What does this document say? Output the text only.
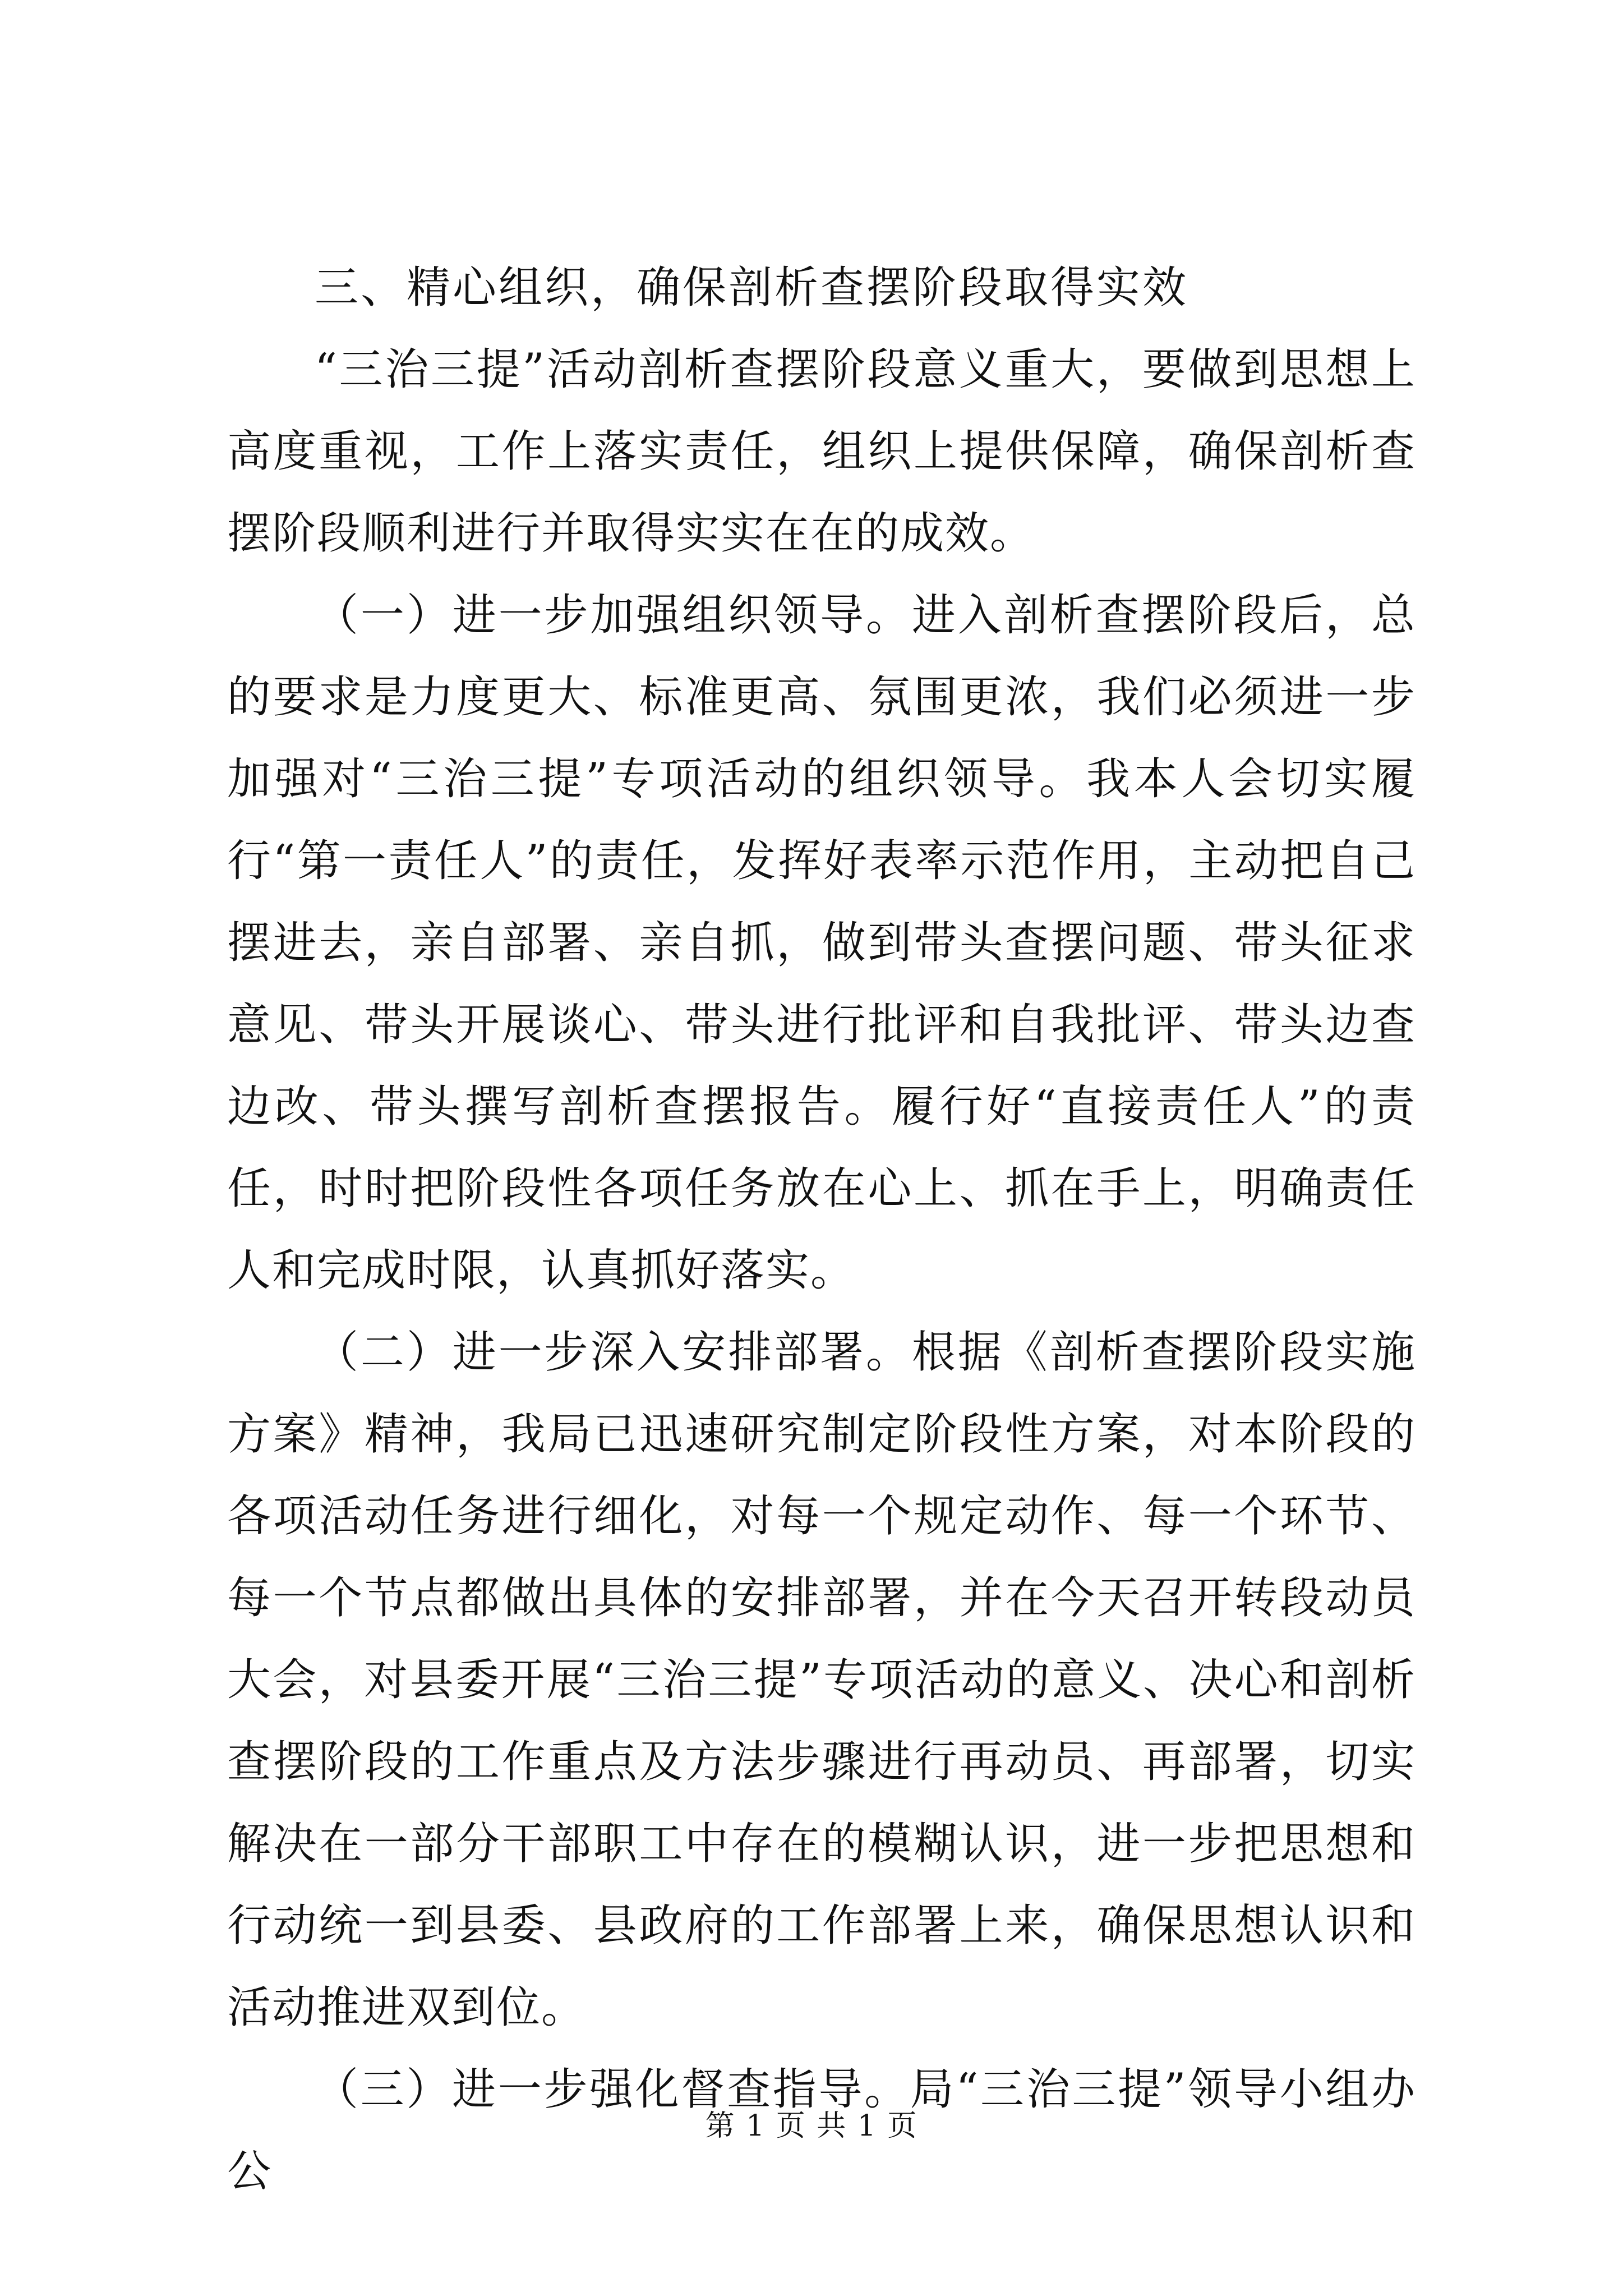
三、精心组织，确保剖析查摆阶段取得实效

“三治三提”活动剖析查摆阶段意义重大，要做到思想上高度重视，工作上落实责任，组织上提供保障，确保剖析查摆阶段顺利进行并取得实实在在的成效。

（一）进一步加强组织领导。进入剖析查摆阶段后，总的要求是力度更大、标准更高、氛围更浓，我们必须进一步加强对“三治三提”专项活动的组织领导。我本人会切实履行“第一责任人”的责任，发挥好表率示范作用，主动把自己摆进去，亲自部署、亲自抓，做到带头查摆问题、带头征求意见、带头开展谈心、带头进行批评和自我批评、带头边查边改、带头撰写剖析查摆报告。履行好“直接责任人”的责任，时时把阶段性各项任务放在心上、抓在手上，明确责任人和完成时限，认真抓好落实。

（二）进一步深入安排部署。根据《剖析查摆阶段实施方案》精神，我局已迅速研究制定阶段性方案，对本阶段的各项活动任务进行细化，对每一个规定动作、每一个环节、每一个节点都做出具体的安排部署，并在今天召开转段动员大会，对县委开展“三治三提”专项活动的意义、决心和剖析查摆阶段的工作重点及方法步骤进行再动员、再部署，切实解决在一部分干部职工中存在的模糊认识，进一步把思想和行动统一到县委、县政府的工作部署上来，确保思想认识和活动推进双到位。

（三）进一步强化督查指导。局“三治三提”领导小组办公

第 1 页 共 1 页
